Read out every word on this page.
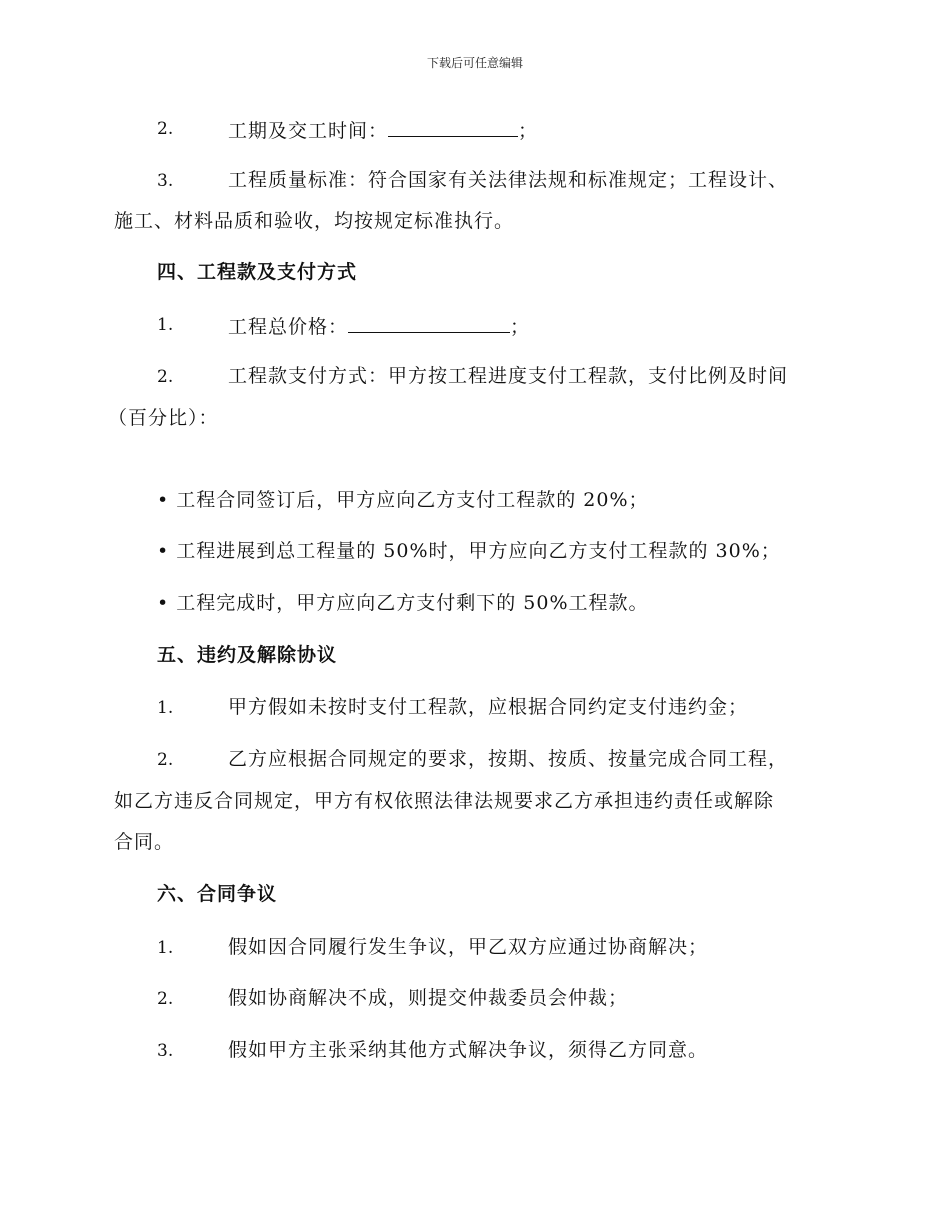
下载后可任意编辑
2.	工期及交工时间：	；
3.	工程质量标准：符合国家有关法律法规和标准规定；工程设计、
施工、材料品质和验收，均按规定标准执行。
四、工程款及支付方式
1.	工程总价格：	；
2.	工程款支付方式：甲方按工程进度支付工程款，支付比例及时间
（百分比）：
• 工程合同签订后，甲方应向乙方支付工程款的 20%；
• 工程进展到总工程量的 50%时，甲方应向乙方支付工程款的 30%；
• 工程完成时，甲方应向乙方支付剩下的 50%工程款。
五、违约及解除协议
1.	甲方假如未按时支付工程款，应根据合同约定支付违约金；
2.	乙方应根据合同规定的要求，按期、按质、按量完成合同工程，
如乙方违反合同规定，甲方有权依照法律法规要求乙方承担违约责任或解除
合同。
六、合同争议
1.	假如因合同履行发生争议，甲乙双方应通过协商解决；
2.	假如协商解决不成，则提交仲裁委员会仲裁；
3.	假如甲方主张采纳其他方式解决争议，须得乙方同意。
